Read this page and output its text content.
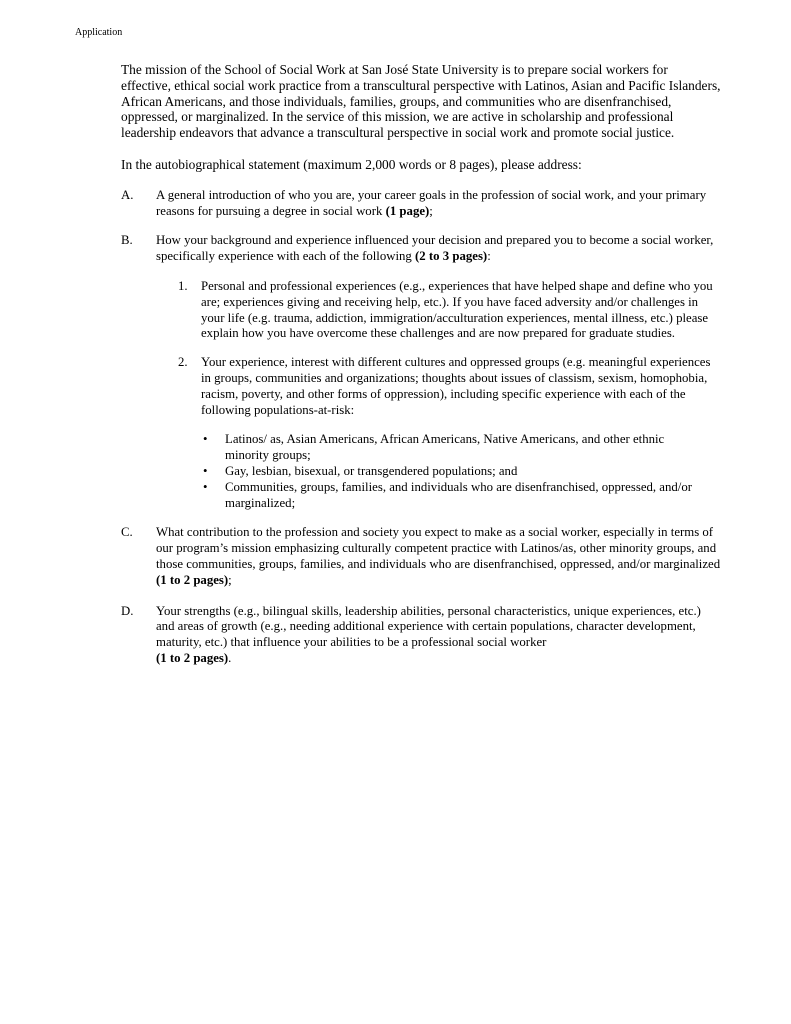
Application

The mission of the School of Social Work at San José State University is to prepare social workers for effective, ethical social work practice from a transcultural perspective with Latinos, Asian and Pacific Islanders, African Americans, and those individuals, families, groups, and communities who are disenfranchised, oppressed, or marginalized. In the service of this mission, we are active in scholarship and professional leadership endeavors that advance a transcultural perspective in social work and promote social justice.

In the autobiographical statement (maximum 2,000 words or 8 pages), please address:

A. A general introduction of who you are, your career goals in the profession of social work, and your primary reasons for pursuing a degree in social work (1 page);
B. How your background and experience influenced your decision and prepared you to become a social worker, specifically experience with each of the following (2 to 3 pages):
1. Personal and professional experiences (e.g., experiences that have helped shape and define who you are; experiences giving and receiving help, etc.). If you have faced adversity and/or challenges in your life (e.g. trauma, addiction, immigration/acculturation experiences, mental illness, etc.) please explain how you have overcome these challenges and are now prepared for graduate studies.
2. Your experience, interest with different cultures and oppressed groups (e.g. meaningful experiences in groups, communities and organizations; thoughts about issues of classism, sexism, homophobia, racism, poverty, and other forms of oppression), including specific experience with each of the following populations-at-risk:
• Latinos/ as, Asian Americans, African Americans, Native Americans, and other ethnic minority groups;
• Gay, lesbian, bisexual, or transgendered populations; and
• Communities, groups, families, and individuals who are disenfranchised, oppressed, and/or marginalized;
C. What contribution to the profession and society you expect to make as a social worker, especially in terms of our program’s mission emphasizing culturally competent practice with Latinos/as, other minority groups, and those communities, groups, families, and individuals who are disenfranchised, oppressed, and/or marginalized (1 to 2 pages);
D. Your strengths (e.g., bilingual skills, leadership abilities, personal characteristics, unique experiences, etc.) and areas of growth (e.g., needing additional experience with certain populations, character development, maturity, etc.) that influence your abilities to be a professional social worker
(1 to 2 pages).
